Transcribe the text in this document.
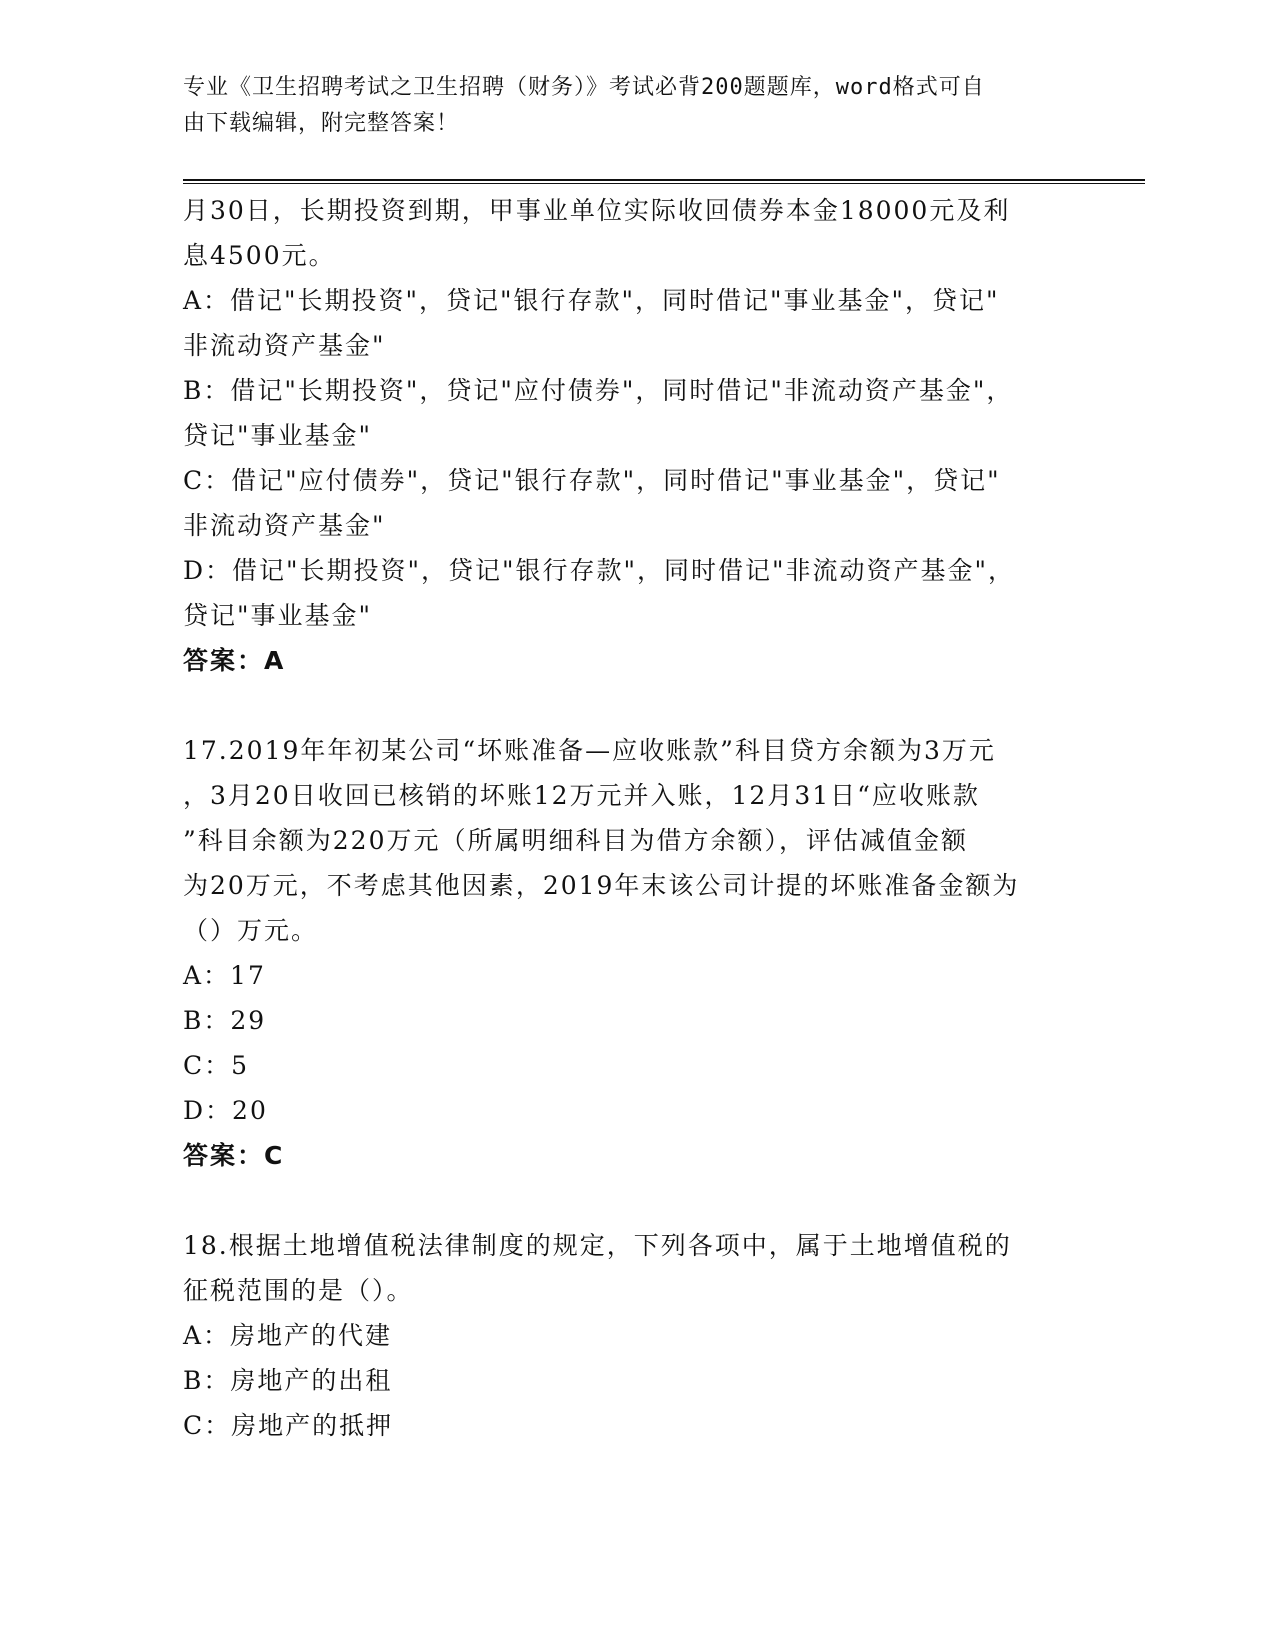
专业《卫生招聘考试之卫生招聘（财务）》考试必背200题题库，word格式可自
由下载编辑，附完整答案！
月30日，长期投资到期，甲事业单位实际收回债券本金18000元及利
息4500元。
A：借记"长期投资"，贷记"银行存款"，同时借记"事业基金"，贷记"
非流动资产基金"
B：借记"长期投资"，贷记"应付债券"，同时借记"非流动资产基金"，
贷记"事业基金"
C：借记"应付债券"，贷记"银行存款"，同时借记"事业基金"，贷记"
非流动资产基金"
D：借记"长期投资"，贷记"银行存款"，同时借记"非流动资产基金"，
贷记"事业基金"
答案：A
17.2019年年初某公司“坏账准备—应收账款”科目贷方余额为3万元
，3月20日收回已核销的坏账12万元并入账，12月31日“应收账款
”科目余额为220万元（所属明细科目为借方余额），评估减值金额
为20万元，不考虑其他因素，2019年末该公司计提的坏账准备金额为
（）万元。
A：17
B：29
C：5
D：20
答案：C
18.根据土地增值税法律制度的规定，下列各项中，属于土地增值税的
征税范围的是（）。
A：房地产的代建
B：房地产的出租
C：房地产的抵押
